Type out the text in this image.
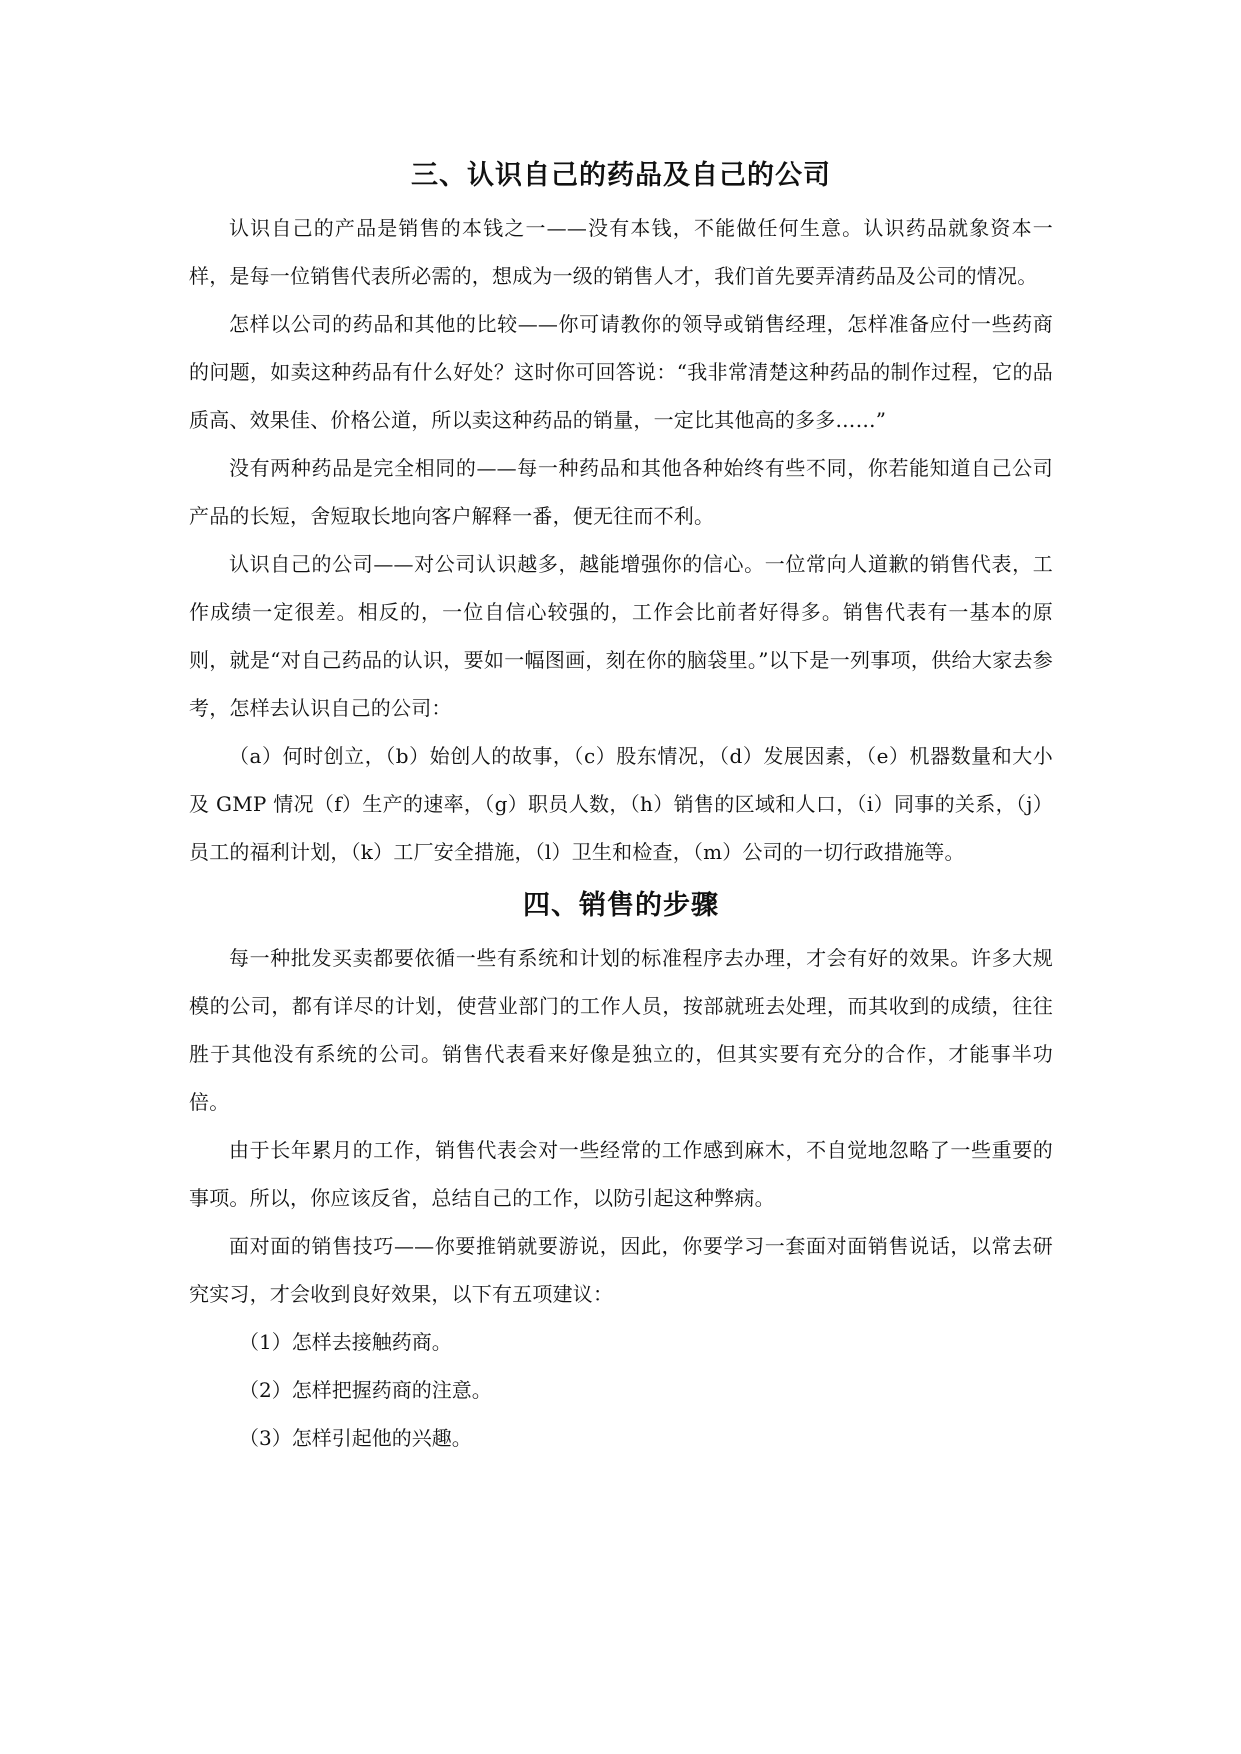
三、认识自己的药品及自己的公司

认识自己的产品是销售的本钱之一——没有本钱，不能做任何生意。认识药品就象资本一样，是每一位销售代表所必需的，想成为一级的销售人才，我们首先要弄清药品及公司的情况。

怎样以公司的药品和其他的比较——你可请教你的领导或销售经理，怎样准备应付一些药商的问题，如卖这种药品有什么好处？这时你可回答说：“我非常清楚这种药品的制作过程，它的品质高、效果佳、价格公道，所以卖这种药品的销量，一定比其他高的多多……”

没有两种药品是完全相同的——每一种药品和其他各种始终有些不同，你若能知道自己公司产品的长短，舍短取长地向客户解释一番，便无往而不利。

认识自己的公司——对公司认识越多，越能增强你的信心。一位常向人道歉的销售代表，工作成绩一定很差。相反的，一位自信心较强的，工作会比前者好得多。销售代表有一基本的原则，就是“对自己药品的认识，要如一幅图画，刻在你的脑袋里。”以下是一列事项，供给大家去参考，怎样去认识自己的公司：

（a）何时创立，（b）始创人的故事，（c）股东情况，（d）发展因素，（e）机器数量和大小及 GMP 情况（f）生产的速率，（g）职员人数，（h）销售的区域和人口，（i）同事的关系，（j）员工的福利计划，（k）工厂安全措施，（l）卫生和检查，（m）公司的一切行政措施等。

四、销售的步骤

每一种批发买卖都要依循一些有系统和计划的标准程序去办理，才会有好的效果。许多大规模的公司，都有详尽的计划，使营业部门的工作人员，按部就班去处理，而其收到的成绩，往往胜于其他没有系统的公司。销售代表看来好像是独立的，但其实要有充分的合作，才能事半功倍。

由于长年累月的工作，销售代表会对一些经常的工作感到麻木，不自觉地忽略了一些重要的事项。所以，你应该反省，总结自己的工作，以防引起这种弊病。

面对面的销售技巧——你要推销就要游说，因此，你要学习一套面对面销售说话，以常去研究实习，才会收到良好效果，以下有五项建议：

（1）怎样去接触药商。

（2）怎样把握药商的注意。

（3）怎样引起他的兴趣。
